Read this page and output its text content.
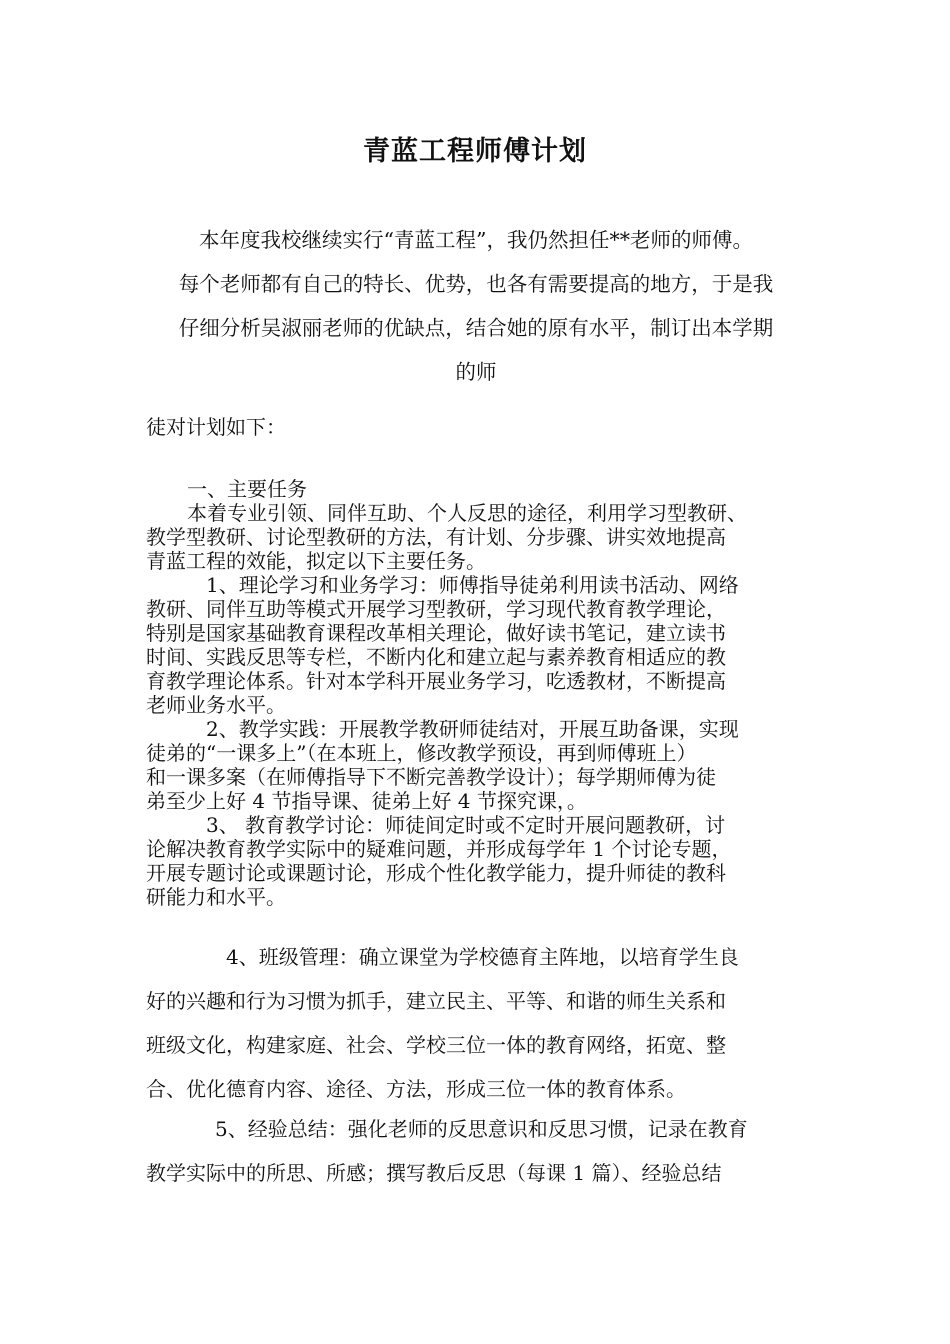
青蓝工程师傅计划
本年度我校继续实行“青蓝工程”，我仍然担任**老师的师傅。
每个老师都有自己的特长、优势，也各有需要提高的地方，于是我
仔细分析吴淑丽老师的优缺点，结合她的原有水平，制订出本学期
的师
徒对计划如下：
一、主要任务
本着专业引领、同伴互助、个人反思的途径，利用学习型教研、
教学型教研、讨论型教研的方法，有计划、分步骤、讲实效地提高
青蓝工程的效能，拟定以下主要任务。
1、理论学习和业务学习：师傅指导徒弟利用读书活动、网络
教研、同伴互助等模式开展学习型教研，学习现代教育教学理论，
特别是国家基础教育课程改革相关理论，做好读书笔记，建立读书
时间、实践反思等专栏，不断内化和建立起与素养教育相适应的教
育教学理论体系。针对本学科开展业务学习，吃透教材，不断提高
老师业务水平。
2、教学实践：开展教学教研师徒结对，开展互助备课，实现
徒弟的“一课多上”（在本班上，修改教学预设，再到师傅班上）
和一课多案（在师傅指导下不断完善教学设计）；每学期师傅为徒
弟至少上好 4 节指导课、徒弟上好 4 节探究课，。
3、 教育教学讨论：师徒间定时或不定时开展问题教研，讨
论解决教育教学实际中的疑难问题，并形成每学年 1 个讨论专题，
开展专题讨论或课题讨论，形成个性化教学能力，提升师徒的教科
研能力和水平。
4、班级管理：确立课堂为学校德育主阵地，以培育学生良
好的兴趣和行为习惯为抓手，建立民主、平等、和谐的师生关系和
班级文化，构建家庭、社会、学校三位一体的教育网络，拓宽、整
合、优化德育内容、途径、方法，形成三位一体的教育体系。
5、经验总结：强化老师的反思意识和反思习惯，记录在教育
教学实际中的所思、所感；撰写教后反思（每课 1 篇）、经验总结
